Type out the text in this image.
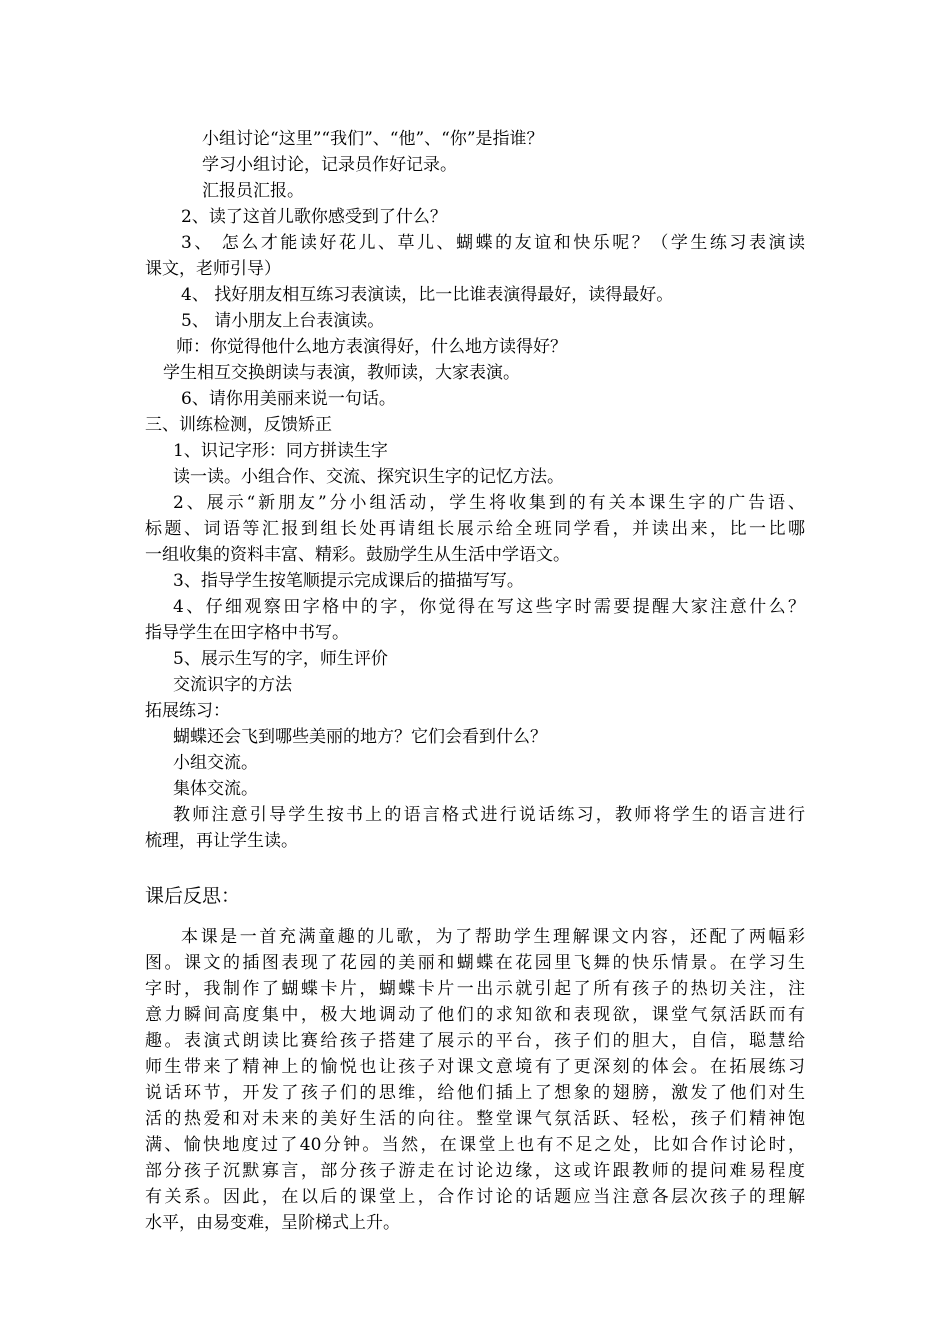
小组讨论“这里”“我们”、“他”、“你”是指谁？
学习小组讨论，记录员作好记录。
汇报员汇报。
2、读了这首儿歌你感受到了什么？
3、 怎么才能读好花儿、草儿、蝴蝶的友谊和快乐呢？（学生练习表演读
课文，老师引导）
4、 找好朋友相互练习表演读，比一比谁表演得最好，读得最好。
5、 请小朋友上台表演读。
师：你觉得他什么地方表演得好，什么地方读得好？
学生相互交换朗读与表演，教师读，大家表演。
6、请你用美丽来说一句话。
三、训练检测，反馈矫正
1、识记字形：同方拼读生字
读一读。小组合作、交流、探究识生字的记忆方法。
2、展示“新朋友”分小组活动，学生将收集到的有关本课生字的广告语、
标题、词语等汇报到组长处再请组长展示给全班同学看，并读出来，比一比哪
一组收集的资料丰富、精彩。鼓励学生从生活中学语文。
3、指导学生按笔顺提示完成课后的描描写写。
4、仔细观察田字格中的字，你觉得在写这些字时需要提醒大家注意什么？
指导学生在田字格中书写。
5、展示生写的字，师生评价
交流识字的方法
拓展练习：
蝴蝶还会飞到哪些美丽的地方？它们会看到什么？
小组交流。
集体交流。
教师注意引导学生按书上的语言格式进行说话练习，教师将学生的语言进行
梳理，再让学生读。
课后反思：
本课是一首充满童趣的儿歌，为了帮助学生理解课文内容，还配了两幅彩
图。课文的插图表现了花园的美丽和蝴蝶在花园里飞舞的快乐情景。在学习生
字时，我制作了蝴蝶卡片，蝴蝶卡片一出示就引起了所有孩子的热切关注，注
意力瞬间高度集中，极大地调动了他们的求知欲和表现欲，课堂气氛活跃而有
趣。表演式朗读比赛给孩子搭建了展示的平台，孩子们的胆大，自信，聪慧给
师生带来了精神上的愉悦也让孩子对课文意境有了更深刻的体会。在拓展练习
说话环节，开发了孩子们的思维，给他们插上了想象的翅膀，激发了他们对生
活的热爱和对未来的美好生活的向往。整堂课气氛活跃、轻松，孩子们精神饱
满、愉快地度过了40分钟。当然，在课堂上也有不足之处，比如合作讨论时，
部分孩子沉默寡言，部分孩子游走在讨论边缘，这或许跟教师的提问难易程度
有关系。因此，在以后的课堂上，合作讨论的话题应当注意各层次孩子的理解
水平，由易变难，呈阶梯式上升。
